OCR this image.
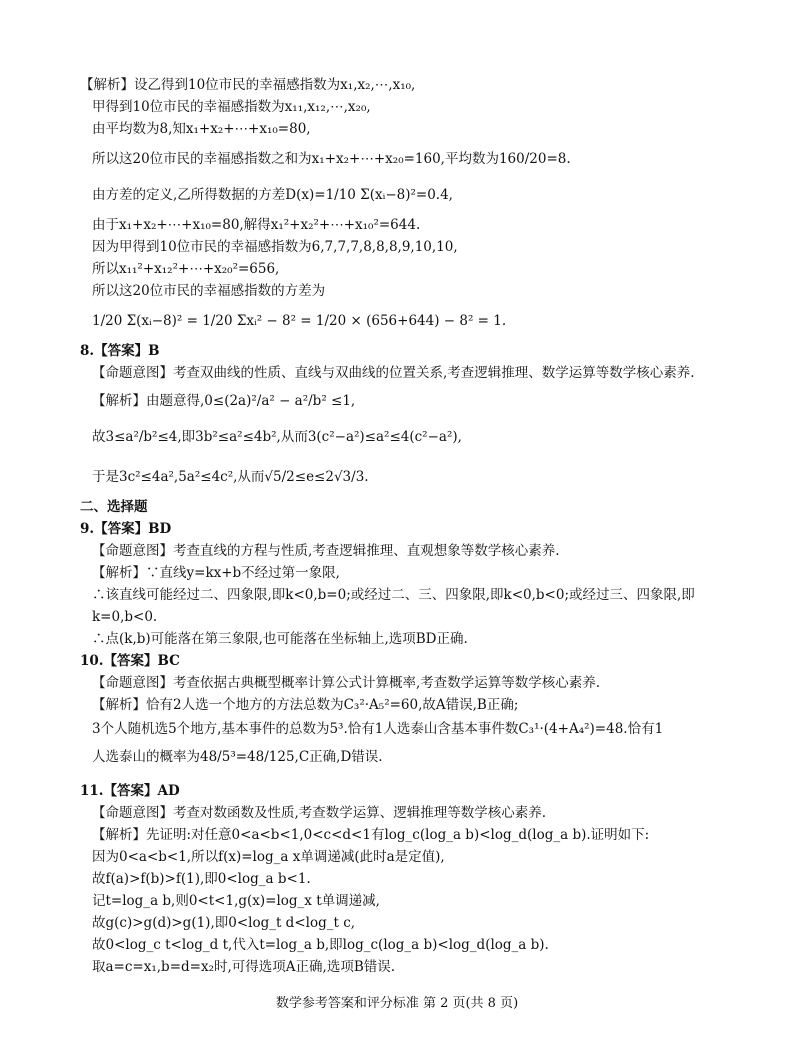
【解析】设乙得到10位市民的幸福感指数为x₁,x₂,⋯,x₁₀,
甲得到10位市民的幸福感指数为x₁₁,x₁₂,⋯,x₂₀,
由平均数为8,知x₁+x₂+⋯+x₁₀=80,
所以这20位市民的幸福感指数之和为x₁+x₂+⋯+x₂₀=160,平均数为160/20=8.
由方差的定义,乙所得数据的方差D(x)=1/10 Σ(xᵢ−8)²=0.4,
由于x₁+x₂+⋯+x₁₀=80,解得x₁²+x₂²+⋯+x₁₀²=644.
因为甲得到10位市民的幸福感指数为6,7,7,7,8,8,8,9,10,10,
所以x₁₁²+x₁₂²+⋯+x₂₀²=656,
所以这20位市民的幸福感指数的方差为
1/20 Σ(xᵢ−8)² = 1/20 Σxᵢ² − 8² = 1/20 × (656+644) − 8² = 1.
8.【答案】B
【命题意图】考查双曲线的性质、直线与双曲线的位置关系,考查逻辑推理、数学运算等数学核心素养.
【解析】由题意得,0≤(2a)²/a² − a²/b² ≤1,
故3≤a²/b²≤4,即3b²≤a²≤4b²,从而3(c²−a²)≤a²≤4(c²−a²),
于是3c²≤4a²,5a²≤4c²,从而√5/2≤e≤2√3/3.
二、选择题
9.【答案】BD
【命题意图】考查直线的方程与性质,考查逻辑推理、直观想象等数学核心素养.
【解析】∵直线y=kx+b不经过第一象限,
∴该直线可能经过二、四象限,即k<0,b=0;或经过二、三、四象限,即k<0,b<0;或经过三、四象限,即
k=0,b<0.
∴点(k,b)可能落在第三象限,也可能落在坐标轴上,选项BD正确.
10.【答案】BC
【命题意图】考查依据古典概型概率计算公式计算概率,考查数学运算等数学核心素养.
【解析】恰有2人选一个地方的方法总数为C₃²·A₅²=60,故A错误,B正确;
3个人随机选5个地方,基本事件的总数为5³.恰有1人选泰山含基本事件数C₃¹·(4+A₄²)=48.恰有1
人选泰山的概率为48/5³=48/125,C正确,D错误.
11.【答案】AD
【命题意图】考查对数函数及性质,考查数学运算、逻辑推理等数学核心素养.
【解析】先证明:对任意0<a<b<1,0<c<d<1有log_c(log_a b)<log_d(log_a b).证明如下:
因为0<a<b<1,所以f(x)=log_a x单调递减(此时a是定值),
故f(a)>f(b)>f(1),即0<log_a b<1.
记t=log_a b,则0<t<1,g(x)=log_x t单调递减,
故g(c)>g(d)>g(1),即0<log_t d<log_t c,
故0<log_c t<log_d t,代入t=log_a b,即log_c(log_a b)<log_d(log_a b).
取a=c=x₁,b=d=x₂时,可得选项A正确,选项B错误.
数学参考答案和评分标准 第 2 页(共 8 页)
